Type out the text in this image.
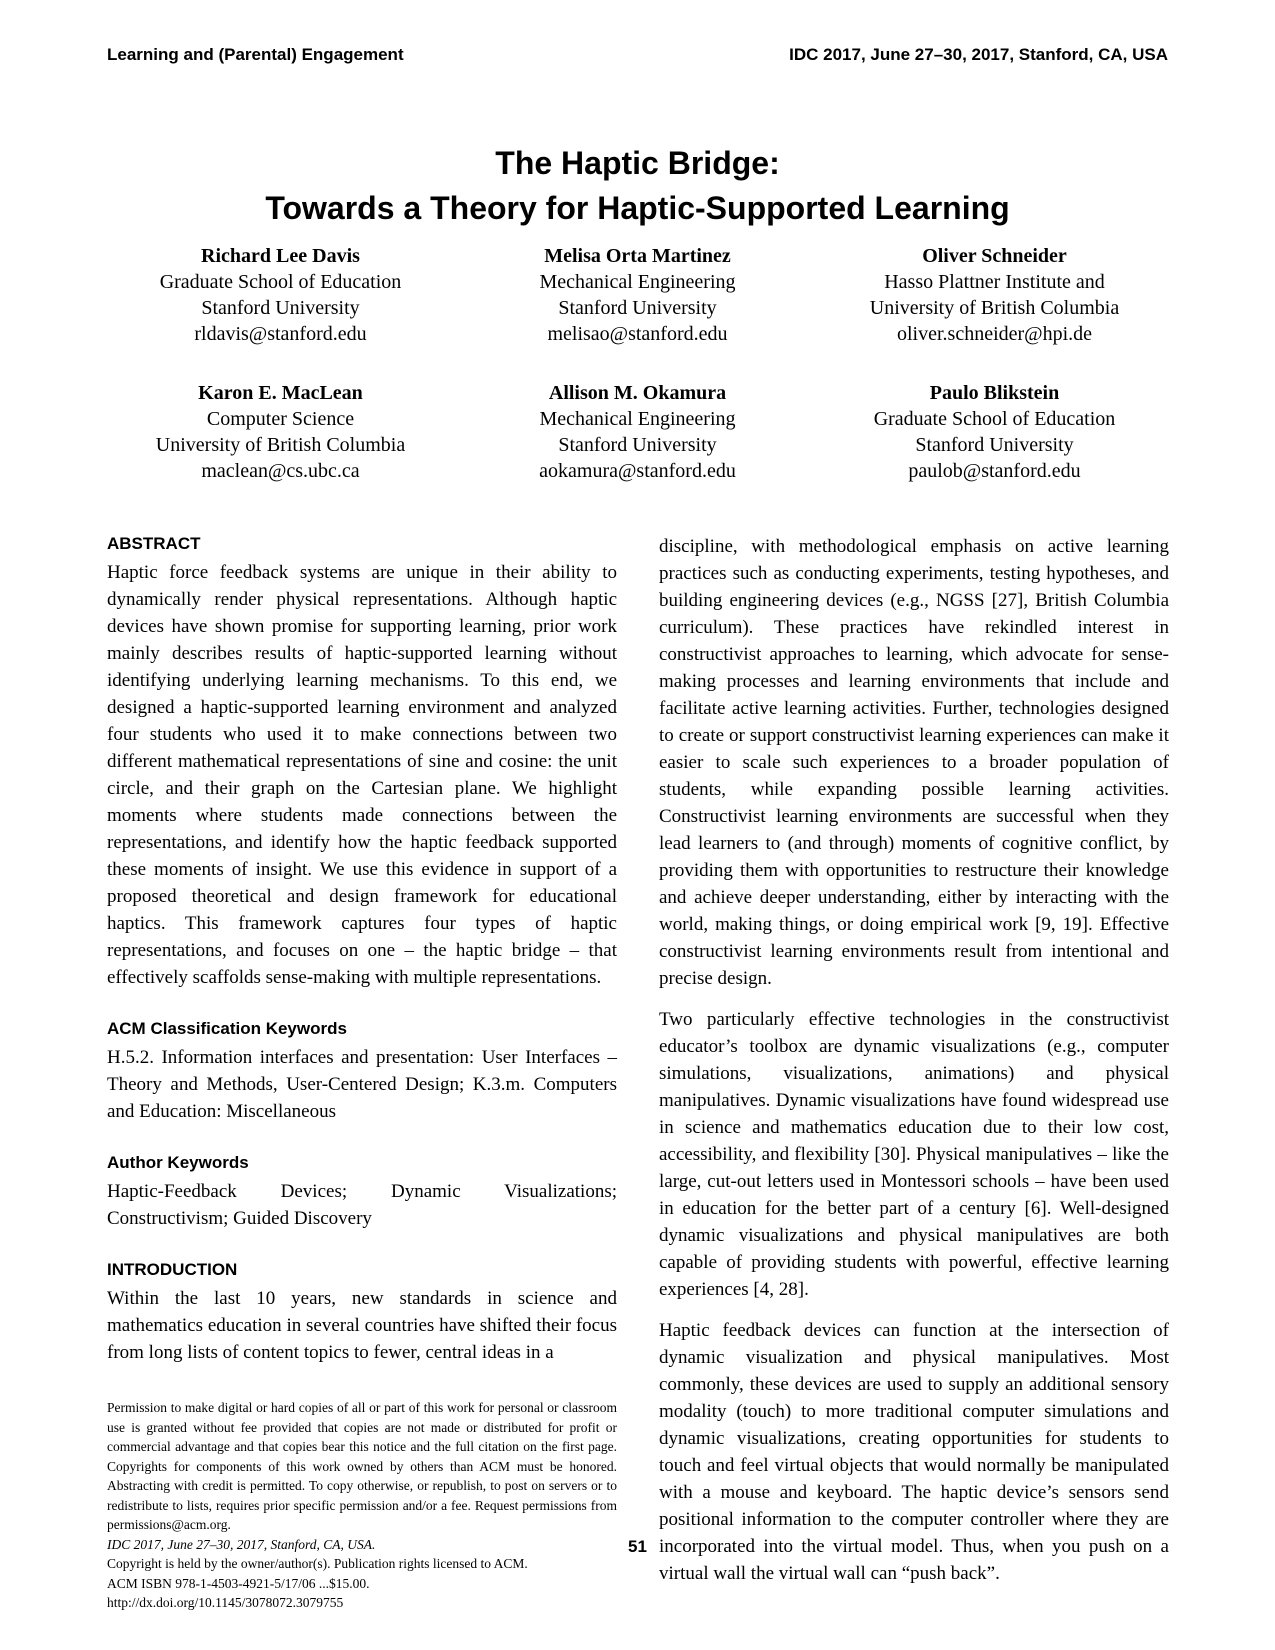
Learning and (Parental) Engagement	IDC 2017, June 27–30, 2017, Stanford, CA, USA
The Haptic Bridge:
Towards a Theory for Haptic-Supported Learning
Richard Lee Davis
Graduate School of Education
Stanford University
rldavis@stanford.edu
Melisa Orta Martinez
Mechanical Engineering
Stanford University
melisao@stanford.edu
Oliver Schneider
Hasso Plattner Institute and
University of British Columbia
oliver.schneider@hpi.de
Karon E. MacLean
Computer Science
University of British Columbia
maclean@cs.ubc.ca
Allison M. Okamura
Mechanical Engineering
Stanford University
aokamura@stanford.edu
Paulo Blikstein
Graduate School of Education
Stanford University
paulob@stanford.edu
ABSTRACT

Haptic force feedback systems are unique in their ability to dynamically render physical representations. Although haptic devices have shown promise for supporting learning, prior work mainly describes results of haptic-supported learning without identifying underlying learning mechanisms. To this end, we designed a haptic-supported learning environment and analyzed four students who used it to make connections between two different mathematical representations of sine and cosine: the unit circle, and their graph on the Cartesian plane. We highlight moments where students made connections between the representations, and identify how the haptic feedback supported these moments of insight. We use this evidence in support of a proposed theoretical and design framework for educational haptics. This framework captures four types of haptic representations, and focuses on one – the haptic bridge – that effectively scaffolds sense-making with multiple representations.

ACM Classification Keywords

H.5.2. Information interfaces and presentation: User Interfaces – Theory and Methods, User-Centered Design; K.3.m. Computers and Education: Miscellaneous

Author Keywords

Haptic-Feedback Devices; Dynamic Visualizations; Constructivism; Guided Discovery

INTRODUCTION

Within the last 10 years, new standards in science and mathematics education in several countries have shifted their focus from long lists of content topics to fewer, central ideas in a

Permission to make digital or hard copies of all or part of this work for personal or classroom use is granted without fee provided that copies are not made or distributed for profit or commercial advantage and that copies bear this notice and the full citation on the first page. Copyrights for components of this work owned by others than ACM must be honored. Abstracting with credit is permitted. To copy otherwise, or republish, to post on servers or to redistribute to lists, requires prior specific permission and/or a fee. Request permissions from permissions@acm.org.

IDC 2017, June 27–30, 2017, Stanford, CA, USA.

Copyright is held by the owner/author(s). Publication rights licensed to ACM.

ACM ISBN 978-1-4503-4921-5/17/06 ...$15.00.

http://dx.doi.org/10.1145/3078072.3079755

discipline, with methodological emphasis on active learning practices such as conducting experiments, testing hypotheses, and building engineering devices (e.g., NGSS [27], British Columbia curriculum). These practices have rekindled interest in constructivist approaches to learning, which advocate for sense-making processes and learning environments that include and facilitate active learning activities. Further, technologies designed to create or support constructivist learning experiences can make it easier to scale such experiences to a broader population of students, while expanding possible learning activities. Constructivist learning environments are successful when they lead learners to (and through) moments of cognitive conflict, by providing them with opportunities to restructure their knowledge and achieve deeper understanding, either by interacting with the world, making things, or doing empirical work [9, 19]. Effective constructivist learning environments result from intentional and precise design.

Two particularly effective technologies in the constructivist educator’s toolbox are dynamic visualizations (e.g., computer simulations, visualizations, animations) and physical manipulatives. Dynamic visualizations have found widespread use in science and mathematics education due to their low cost, accessibility, and flexibility [30]. Physical manipulatives – like the large, cut-out letters used in Montessori schools – have been used in education for the better part of a century [6]. Well-designed dynamic visualizations and physical manipulatives are both capable of providing students with powerful, effective learning experiences [4, 28].

Haptic feedback devices can function at the intersection of dynamic visualization and physical manipulatives. Most commonly, these devices are used to supply an additional sensory modality (touch) to more traditional computer simulations and dynamic visualizations, creating opportunities for students to touch and feel virtual objects that would normally be manipulated with a mouse and keyboard. The haptic device’s sensors send positional information to the computer controller where they are incorporated into the virtual model. Thus, when you push on a virtual wall the virtual wall can “push back”.

51
